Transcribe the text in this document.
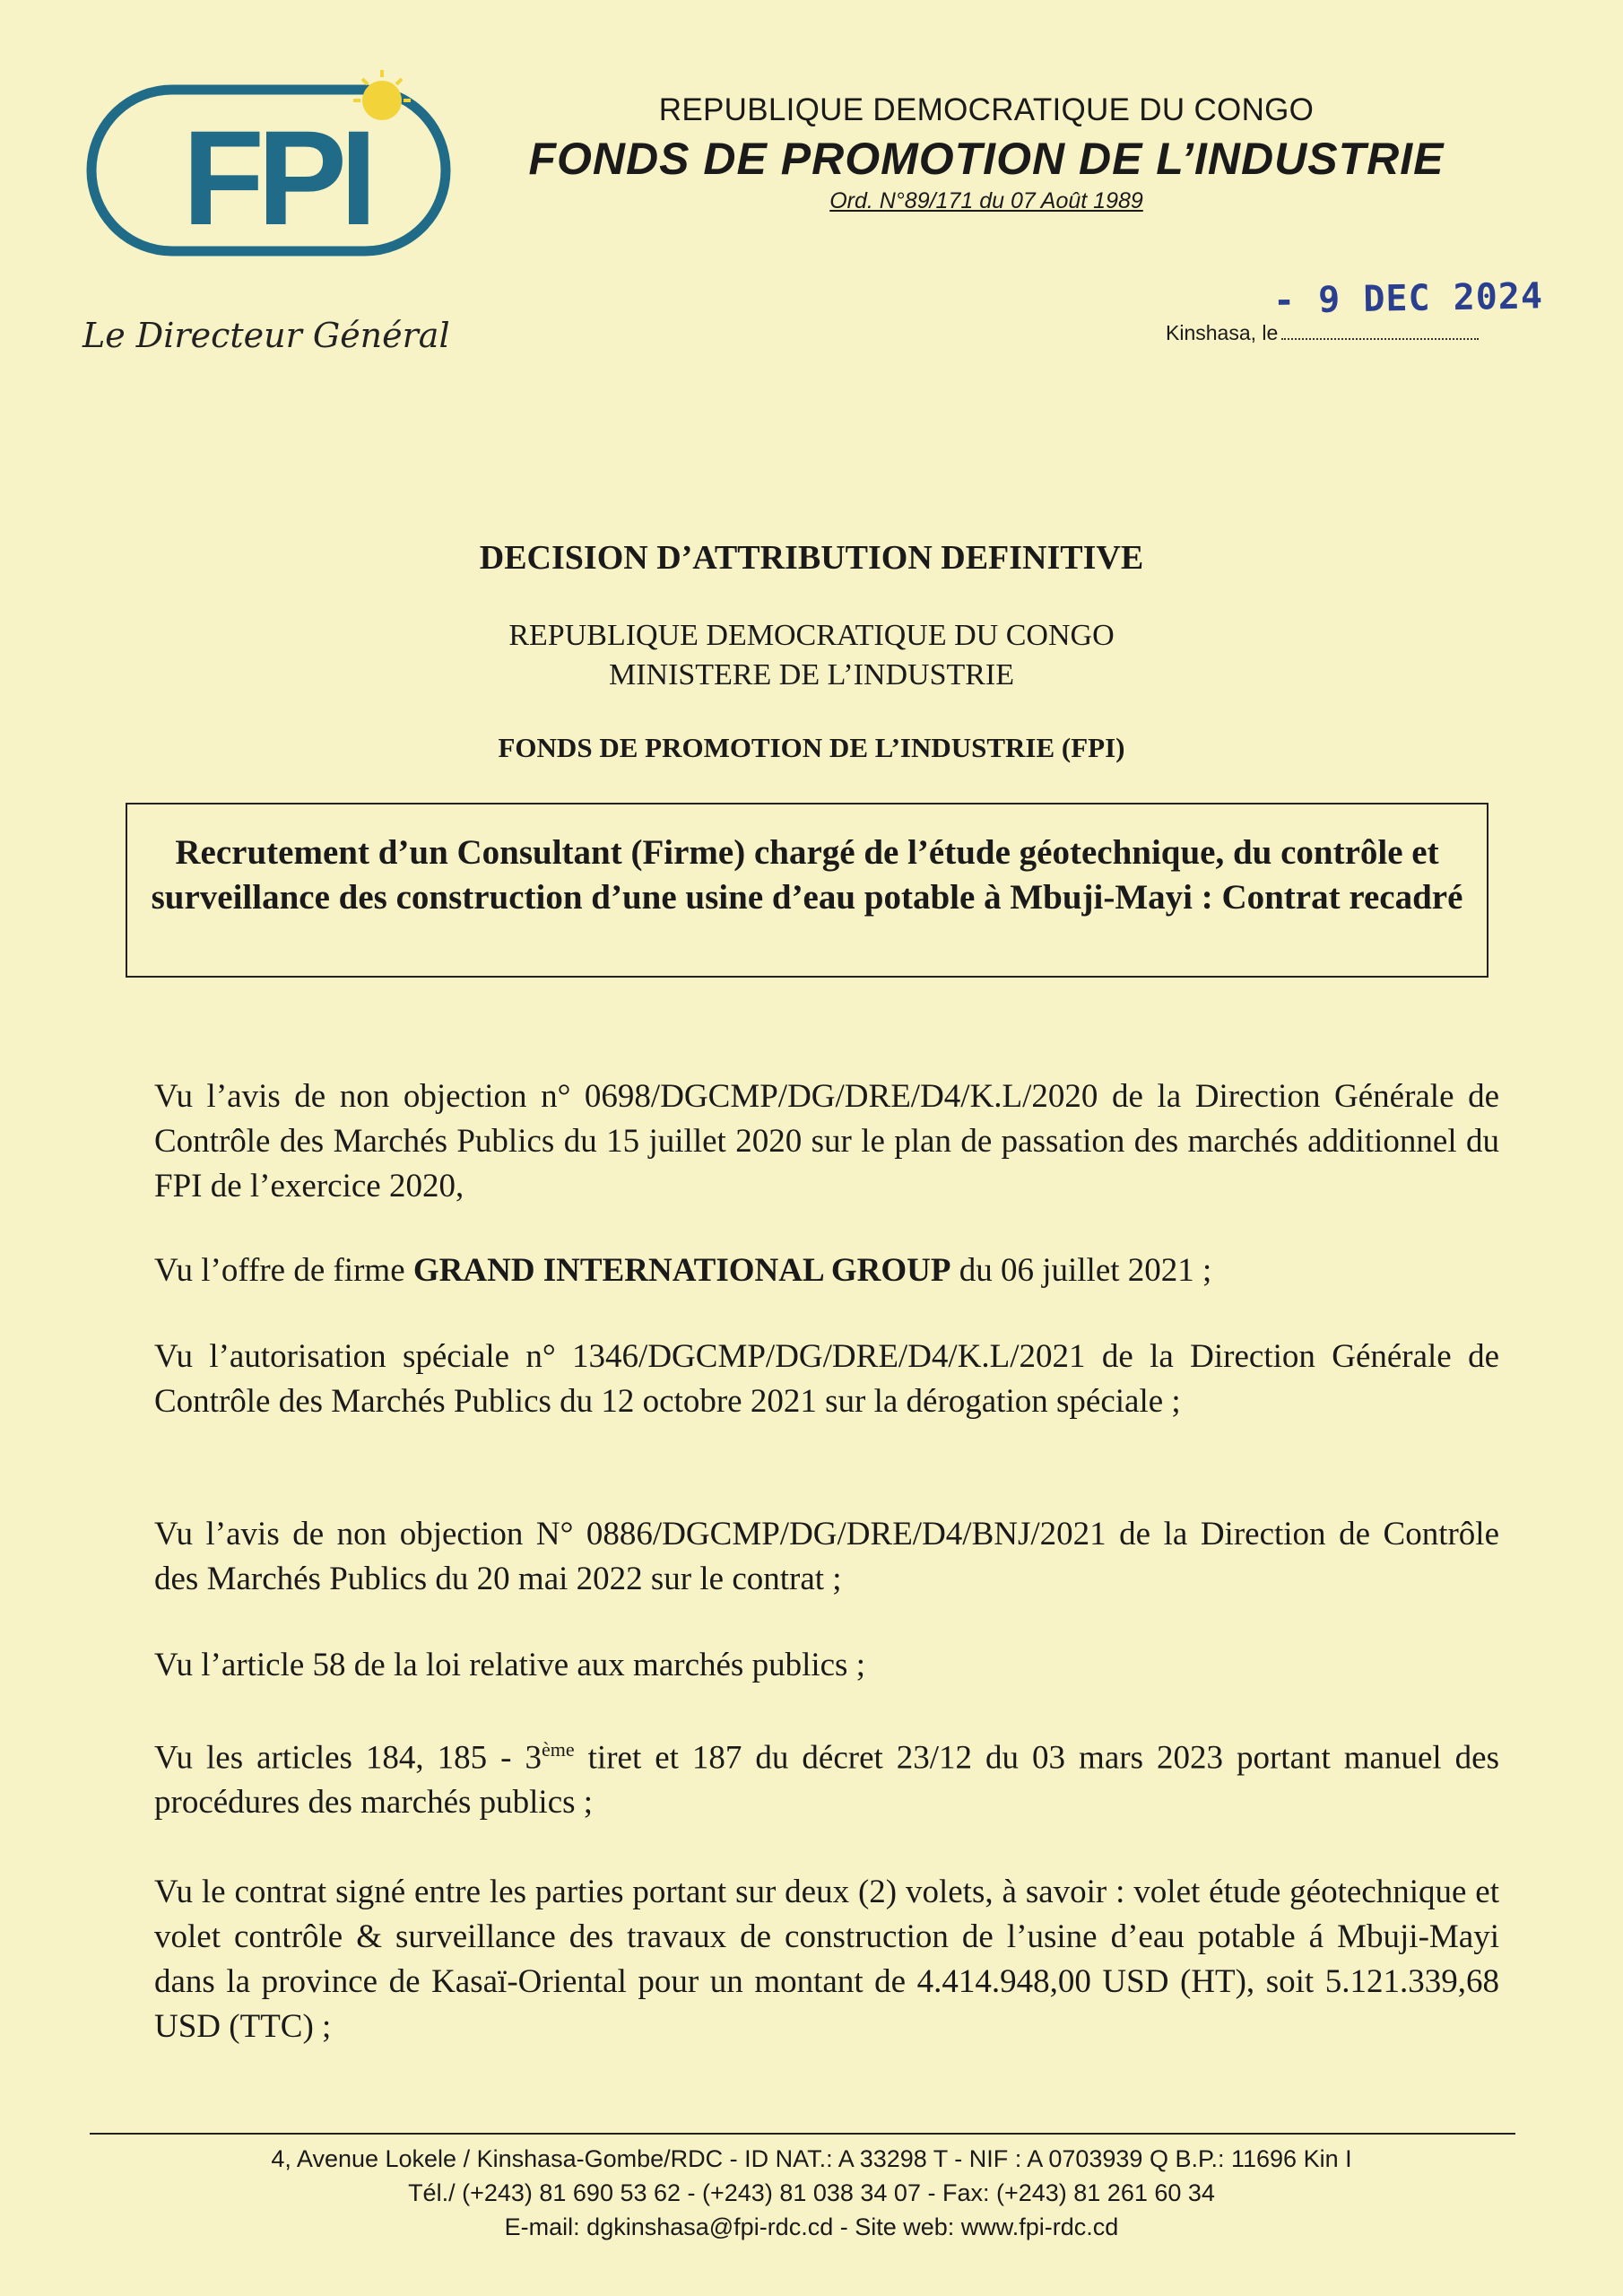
FPI	REPUBLIQUE DEMOCRATIQUE DU CONGO
FONDS DE PROMOTION DE L’INDUSTRIE
Ord. N°89/171 du 07 Août 1989
Le Directeur Général
- 9 DEC 2024
Kinshasa, le
DECISION D’ATTRIBUTION DEFINITIVE
REPUBLIQUE DEMOCRATIQUE DU CONGO
MINISTERE DE L’INDUSTRIE
FONDS DE PROMOTION DE L’INDUSTRIE (FPI)
Recrutement d’un Consultant (Firme) chargé de l’étude géotechnique, du contrôle et surveillance des construction d’une usine d’eau potable à Mbuji-Mayi : Contrat recadré
Vu l’avis de non objection n° 0698/DGCMP/DG/DRE/D4/K.L/2020 de la Direction Générale de Contrôle des Marchés Publics du 15 juillet 2020 sur le plan de passation des marchés additionnel du FPI de l’exercice 2020,
Vu l’offre de firme GRAND INTERNATIONAL GROUP du 06 juillet 2021 ;
Vu l’autorisation spéciale n° 1346/DGCMP/DG/DRE/D4/K.L/2021 de la Direction Générale de Contrôle des Marchés Publics du 12 octobre 2021 sur la dérogation spéciale ;
Vu l’avis de non objection N° 0886/DGCMP/DG/DRE/D4/BNJ/2021 de la Direction de Contrôle des Marchés Publics du 20 mai 2022 sur le contrat ;
Vu l’article 58 de la loi relative aux marchés publics ;
Vu les articles 184, 185 - 3ème tiret et 187 du décret 23/12 du 03 mars 2023 portant manuel des procédures des marchés publics ;
Vu le contrat signé entre les parties portant sur deux (2) volets, à savoir : volet étude géotechnique et volet contrôle & surveillance des travaux de construction de l’usine d’eau potable á Mbuji-Mayi dans la province de Kasaï-Oriental pour un montant de 4.414.948,00 USD (HT), soit 5.121.339,68 USD (TTC) ;
4, Avenue Lokele / Kinshasa-Gombe/RDC - ID NAT.: A 33298 T - NIF : A 0703939 Q B.P.: 11696 Kin I
Tél./ (+243) 81 690 53 62 - (+243) 81 038 34 07 - Fax: (+243) 81 261 60 34
E-mail: dgkinshasa@fpi-rdc.cd - Site web: www.fpi-rdc.cd
